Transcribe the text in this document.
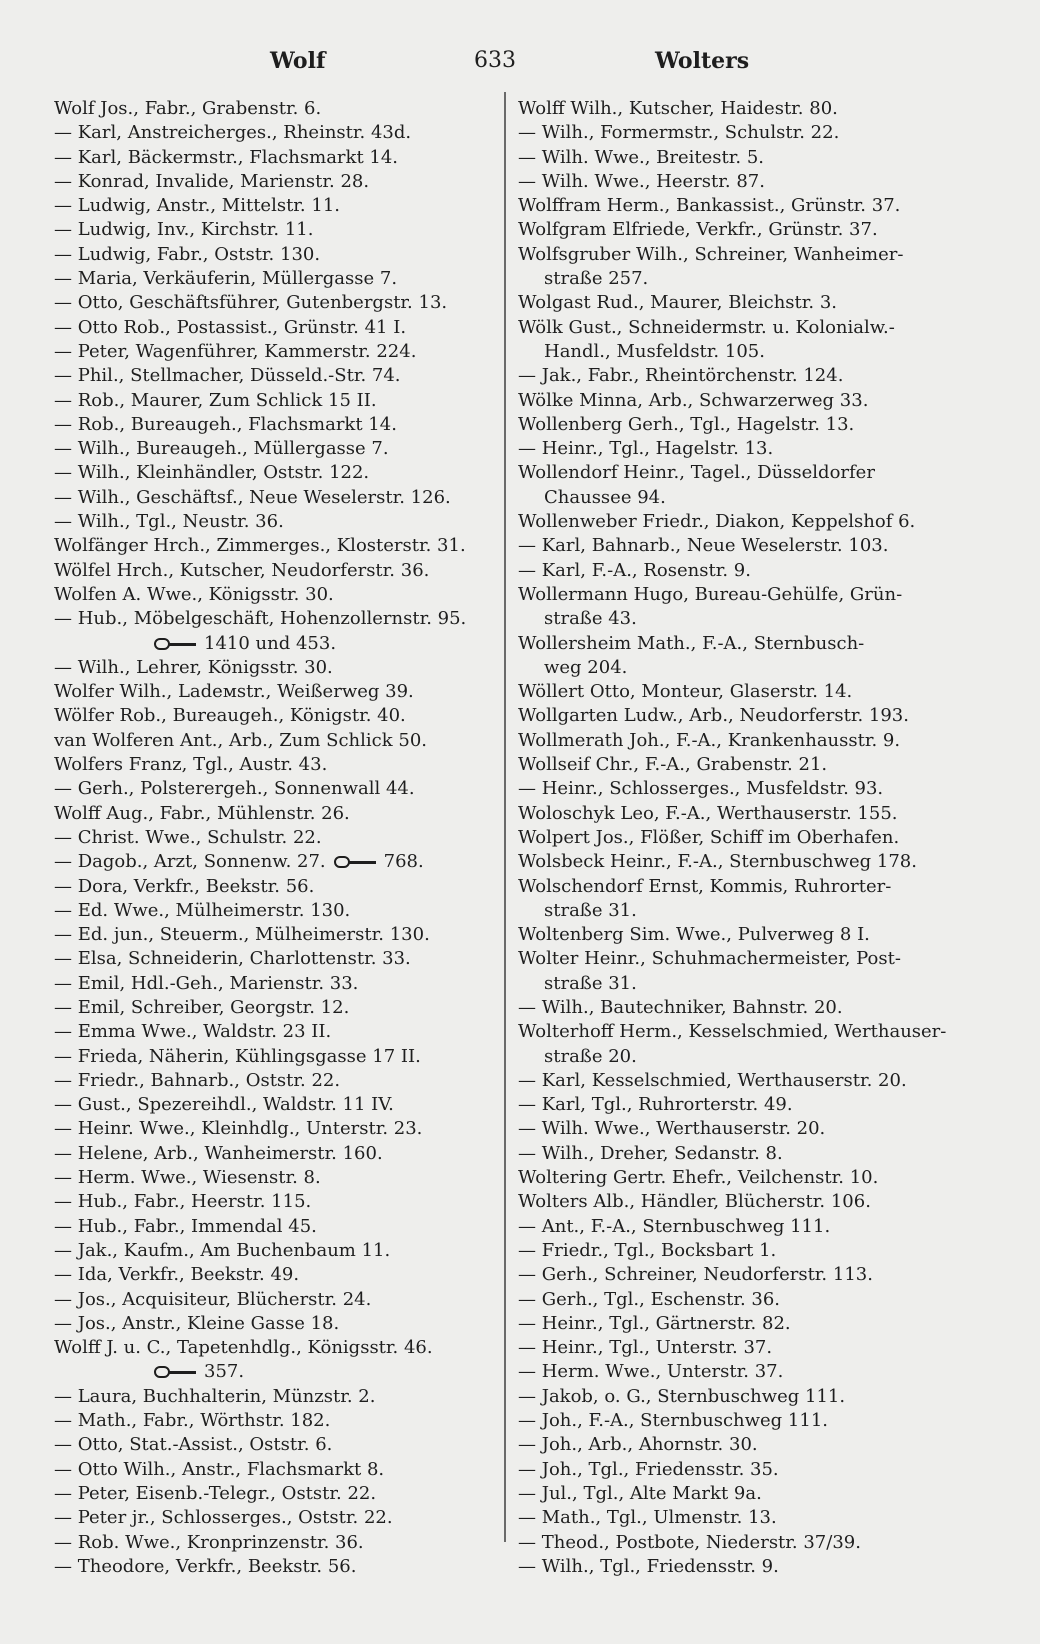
Wolf	633	Wolters
Wolf Jos., Fabr., Grabenstr. 6.
— Karl, Anstreicherges., Rheinstr. 43d.
— Karl, Bäckermstr., Flachsmarkt 14.
— Konrad, Invalide, Marienstr. 28.
— Ludwig, Anstr., Mittelstr. 11.
— Ludwig, Inv., Kirchstr. 11.
— Ludwig, Fabr., Oststr. 130.
— Maria, Verkäuferin, Müllergasse 7.
— Otto, Geschäftsführer, Gutenbergstr. 13.
— Otto Rob., Postassist., Grünstr. 41 I.
— Peter, Wagenführer, Kammerstr. 224.
— Phil., Stellmacher, Düsseld.-Str. 74.
— Rob., Maurer, Zum Schlick 15 II.
— Rob., Bureaugeh., Flachsmarkt 14.
— Wilh., Bureaugeh., Müllergasse 7.
— Wilh., Kleinhändler, Oststr. 122.
— Wilh., Geschäftsf., Neue Weselerstr. 126.
— Wilh., Tgl., Neustr. 36.
Wolfänger Hrch., Zimmerges., Klosterstr. 31.
Wölfel Hrch., Kutscher, Neudorferstr. 36.
Wolfen A. Wwe., Königsstr. 30.
— Hub., Möbelgeschäft, Hohenzollernstr. 95.
1410 und 453.
— Wilh., Lehrer, Königsstr. 30.
Wolfer Wilh., Ladемstr., Weißerweg 39.
Wölfer Rob., Bureaugeh., Königstr. 40.
van Wolferen Ant., Arb., Zum Schlick 50.
Wolfers Franz, Tgl., Austr. 43.
— Gerh., Polsterergeh., Sonnenwall 44.
Wolff Aug., Fabr., Mühlenstr. 26.
— Christ. Wwe., Schulstr. 22.
— Dagob., Arzt, Sonnenw. 27.	768.
— Dora, Verkfr., Beekstr. 56.
— Ed. Wwe., Mülheimerstr. 130.
— Ed. jun., Steuerm., Mülheimerstr. 130.
— Elsa, Schneiderin, Charlottenstr. 33.
— Emil, Hdl.-Geh., Marienstr. 33.
— Emil, Schreiber, Georgstr. 12.
— Emma Wwe., Waldstr. 23 II.
— Frieda, Näherin, Kühlingsgasse 17 II.
— Friedr., Bahnarb., Oststr. 22.
— Gust., Spezereihdl., Waldstr. 11 IV.
— Heinr. Wwe., Kleinhdlg., Unterstr. 23.
— Helene, Arb., Wanheimerstr. 160.
— Herm. Wwe., Wiesenstr. 8.
— Hub., Fabr., Heerstr. 115.
— Hub., Fabr., Immendal 45.
— Jak., Kaufm., Am Buchenbaum 11.
— Ida, Verkfr., Beekstr. 49.
— Jos., Acquisiteur, Blücherstr. 24.
— Jos., Anstr., Kleine Gasse 18.
Wolff J. u. C., Tapetenhdlg., Königsstr. 46.
357.
— Laura, Buchhalterin, Münzstr. 2.
— Math., Fabr., Wörthstr. 182.
— Otto, Stat.-Assist., Oststr. 6.
— Otto Wilh., Anstr., Flachsmarkt 8.
— Peter, Eisenb.-Telegr., Oststr. 22.
— Peter jr., Schlosserges., Oststr. 22.
— Rob. Wwe., Kronprinzenstr. 36.
— Theodore, Verkfr., Beekstr. 56.
Wolff Wilh., Kutscher, Haidestr. 80.
— Wilh., Formermstr., Schulstr. 22.
— Wilh. Wwe., Breitestr. 5.
— Wilh. Wwe., Heerstr. 87.
Wolffram Herm., Bankassist., Grünstr. 37.
Wolfgram Elfriede, Verkfr., Grünstr. 37.
Wolfsgruber Wilh., Schreiner, Wanheimer-
straße 257.
Wolgast Rud., Maurer, Bleichstr. 3.
Wölk Gust., Schneidermstr. u. Kolonialw.-
Handl., Musfeldstr. 105.
— Jak., Fabr., Rheintörchenstr. 124.
Wölke Minna, Arb., Schwarzerweg 33.
Wollenberg Gerh., Tgl., Hagelstr. 13.
— Heinr., Tgl., Hagelstr. 13.
Wollendorf Heinr., Tagel., Düsseldorfer
Chaussee 94.
Wollenweber Friedr., Diakon, Keppelshof 6.
— Karl, Bahnarb., Neue Weselerstr. 103.
— Karl, F.-A., Rosenstr. 9.
Wollermann Hugo, Bureau-Gehülfe, Grün-
straße 43.
Wollersheim Math., F.-A., Sternbusch-
weg 204.
Wöllert Otto, Monteur, Glaserstr. 14.
Wollgarten Ludw., Arb., Neudorferstr. 193.
Wollmerath Joh., F.-A., Krankenhausstr. 9.
Wollseif Chr., F.-A., Grabenstr. 21.
— Heinr., Schlosserges., Musfeldstr. 93.
Woloschyk Leo, F.-A., Werthauserstr. 155.
Wolpert Jos., Flößer, Schiff im Oberhafen.
Wolsbeck Heinr., F.-A., Sternbuschweg 178.
Wolschendorf Ernst, Kommis, Ruhrorter-
straße 31.
Woltenberg Sim. Wwe., Pulverweg 8 I.
Wolter Heinr., Schuhmachermeister, Post-
straße 31.
— Wilh., Bautechniker, Bahnstr. 20.
Wolterhoff Herm., Kesselschmied, Werthauser-
straße 20.
— Karl, Kesselschmied, Werthauserstr. 20.
— Karl, Tgl., Ruhrorterstr. 49.
— Wilh. Wwe., Werthauserstr. 20.
— Wilh., Dreher, Sedanstr. 8.
Woltering Gertr. Ehefr., Veilchenstr. 10.
Wolters Alb., Händler, Blücherstr. 106.
— Ant., F.-A., Sternbuschweg 111.
— Friedr., Tgl., Bocksbart 1.
— Gerh., Schreiner, Neudorferstr. 113.
— Gerh., Tgl., Eschenstr. 36.
— Heinr., Tgl., Gärtnerstr. 82.
— Heinr., Tgl., Unterstr. 37.
— Herm. Wwe., Unterstr. 37.
— Jakob, o. G., Sternbuschweg 111.
— Joh., F.-A., Sternbuschweg 111.
— Joh., Arb., Ahornstr. 30.
— Joh., Tgl., Friedensstr. 35.
— Jul., Tgl., Alte Markt 9a.
— Math., Tgl., Ulmenstr. 13.
— Theod., Postbote, Niederstr. 37/39.
— Wilh., Tgl., Friedensstr. 9.
